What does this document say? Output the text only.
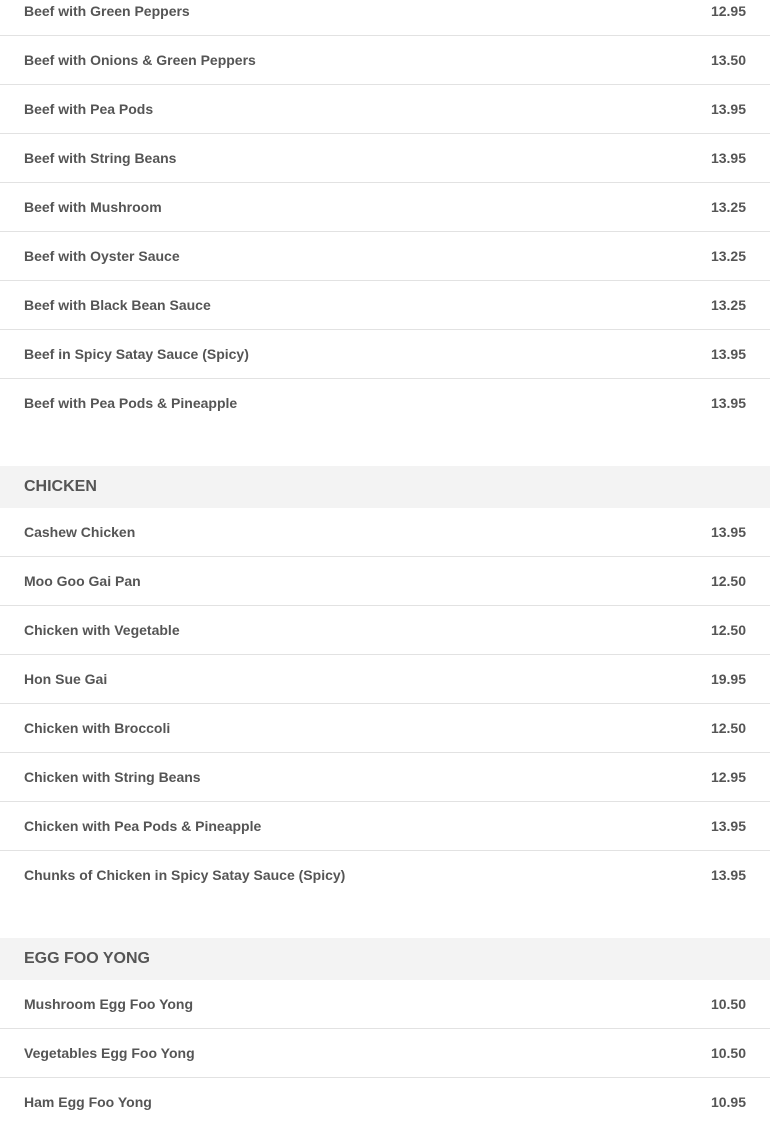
Beef with Green Peppers	12.95
Beef with Onions & Green Peppers	13.50
Beef with Pea Pods	13.95
Beef with String Beans	13.95
Beef with Mushroom	13.25
Beef with Oyster Sauce	13.25
Beef with Black Bean Sauce	13.25
Beef in Spicy Satay Sauce (Spicy)	13.95
Beef with Pea Pods & Pineapple	13.95
CHICKEN
Cashew Chicken	13.95
Moo Goo Gai Pan	12.50
Chicken with Vegetable	12.50
Hon Sue Gai	19.95
Chicken with Broccoli	12.50
Chicken with String Beans	12.95
Chicken with Pea Pods & Pineapple	13.95
Chunks of Chicken in Spicy Satay Sauce (Spicy)	13.95
EGG FOO YONG
Mushroom Egg Foo Yong	10.50
Vegetables Egg Foo Yong	10.50
Ham Egg Foo Yong	10.95
